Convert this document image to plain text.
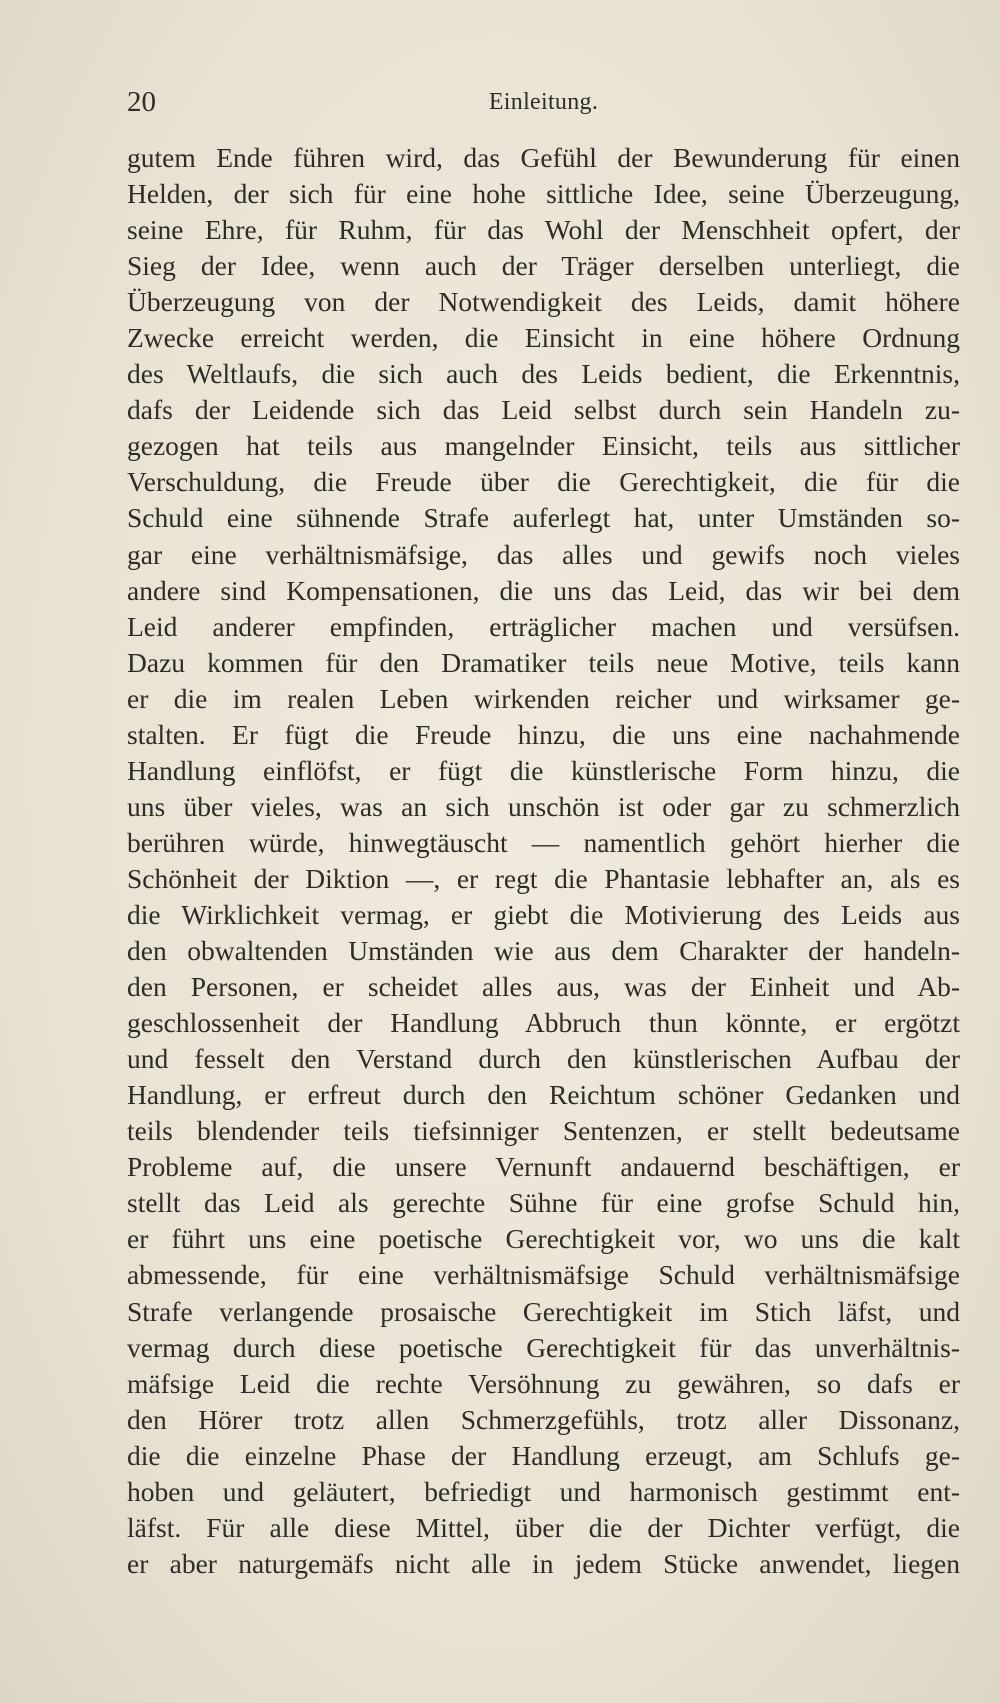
20	Einleitung.
gutem Ende führen wird, das Gefühl der Bewunderung für einen
Helden, der sich für eine hohe sittliche Idee, seine Überzeugung,
seine Ehre, für Ruhm, für das Wohl der Menschheit opfert, der
Sieg der Idee, wenn auch der Träger derselben unterliegt, die
Überzeugung von der Notwendigkeit des Leids, damit höhere
Zwecke erreicht werden, die Einsicht in eine höhere Ordnung
des Weltlaufs, die sich auch des Leids bedient, die Erkenntnis,
dafs der Leidende sich das Leid selbst durch sein Handeln zu-
gezogen hat teils aus mangelnder Einsicht, teils aus sittlicher
Verschuldung, die Freude über die Gerechtigkeit, die für die
Schuld eine sühnende Strafe auferlegt hat, unter Umständen so-
gar eine verhältnismäfsige, das alles und gewifs noch vieles
andere sind Kompensationen, die uns das Leid, das wir bei dem
Leid anderer empfinden, erträglicher machen und versüfsen.
Dazu kommen für den Dramatiker teils neue Motive, teils kann
er die im realen Leben wirkenden reicher und wirksamer ge-
stalten. Er fügt die Freude hinzu, die uns eine nachahmende
Handlung einflöfst, er fügt die künstlerische Form hinzu, die
uns über vieles, was an sich unschön ist oder gar zu schmerzlich
berühren würde, hinwegtäuscht — namentlich gehört hierher die
Schönheit der Diktion —, er regt die Phantasie lebhafter an, als es
die Wirklichkeit vermag, er giebt die Motivierung des Leids aus
den obwaltenden Umständen wie aus dem Charakter der handeln-
den Personen, er scheidet alles aus, was der Einheit und Ab-
geschlossenheit der Handlung Abbruch thun könnte, er ergötzt
und fesselt den Verstand durch den künstlerischen Aufbau der
Handlung, er erfreut durch den Reichtum schöner Gedanken und
teils blendender teils tiefsinniger Sentenzen, er stellt bedeutsame
Probleme auf, die unsere Vernunft andauernd beschäftigen, er
stellt das Leid als gerechte Sühne für eine grofse Schuld hin,
er führt uns eine poetische Gerechtigkeit vor, wo uns die kalt
abmessende, für eine verhältnismäfsige Schuld verhältnismäfsige
Strafe verlangende prosaische Gerechtigkeit im Stich läfst, und
vermag durch diese poetische Gerechtigkeit für das unverhältnis-
mäfsige Leid die rechte Versöhnung zu gewähren, so dafs er
den Hörer trotz allen Schmerzgefühls, trotz aller Dissonanz,
die die einzelne Phase der Handlung erzeugt, am Schlufs ge-
hoben und geläutert, befriedigt und harmonisch gestimmt ent-
läfst. Für alle diese Mittel, über die der Dichter verfügt, die
er aber naturgemäfs nicht alle in jedem Stücke anwendet, liegen
